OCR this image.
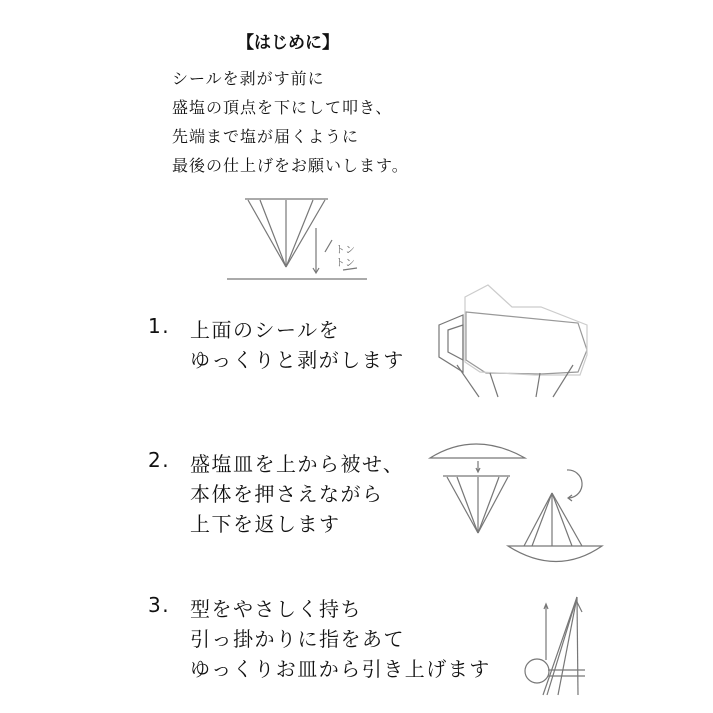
【はじめに】
シールを剥がす前に
盛塩の頂点を下にして叩き、
先端まで塩が届くように
最後の仕上げをお願いします。
1. 上面のシールを
ゆっくりと剥がします
2. 盛塩皿を上から被せ、
本体を押さえながら
上下を返します
3. 型をやさしく持ち
引っ掛かりに指をあて
ゆっくりお皿から引き上げます
トン
トン
